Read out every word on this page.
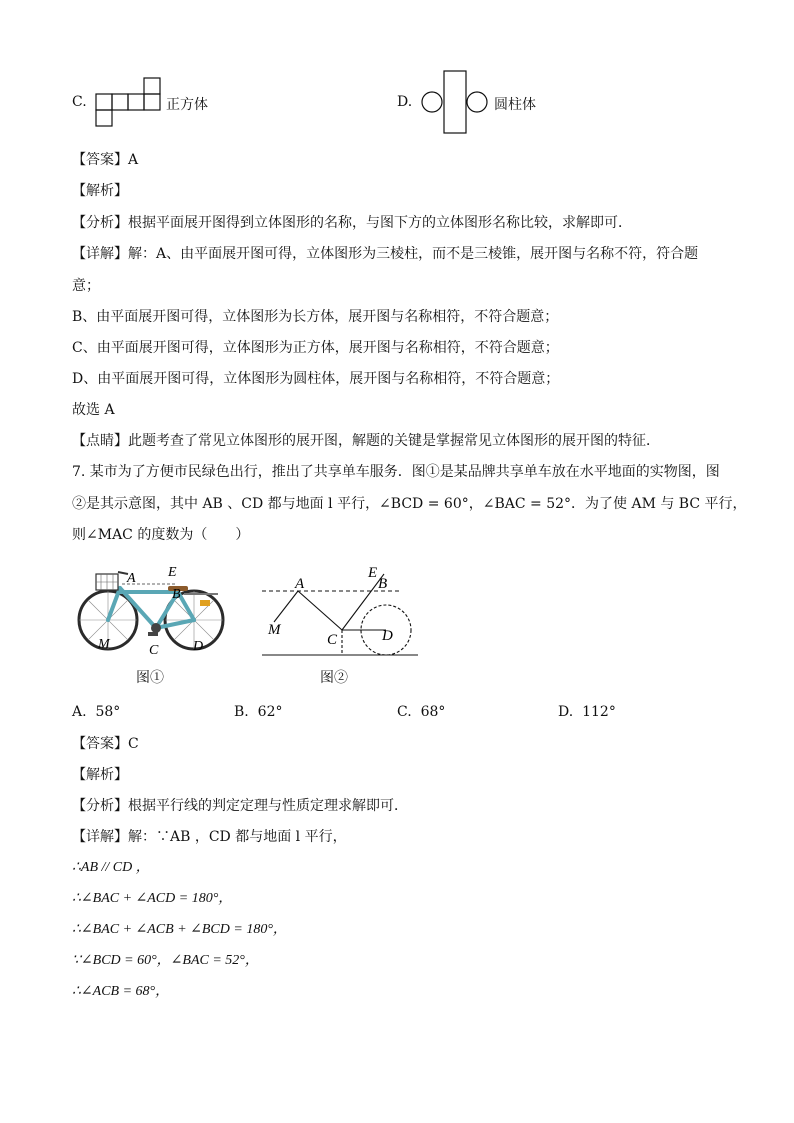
C.	正方体	D.	圆柱体
【答案】A
【解析】
【分析】根据平面展开图得到立体图形的名称，与图下方的立体图形名称比较，求解即可．
【详解】解：A、由平面展开图可得，立体图形为三棱柱，而不是三棱锥，展开图与名称不符，符合题
意；
B、由平面展开图可得，立体图形为长方体，展开图与名称相符，不符合题意；
C、由平面展开图可得，立体图形为正方体，展开图与名称相符，不符合题意；
D、由平面展开图可得，立体图形为圆柱体，展开图与名称相符，不符合题意；
故选 A
【点睛】此题考查了常见立体图形的展开图，解题的关键是掌握常见立体图形的展开图的特征．
7. 某市为了方便市民绿色出行，推出了共享单车服务．图①是某品牌共享单车放在水平地面的实物图，图
②是其示意图，其中 AB 、CD 都与地面 l 平行，∠BCD = 60°，∠BAC = 52°．为了使 AM 与 BC 平行，
则∠MAC 的度数为（　　）
A E
B
M	C D
图①
A
E
B
M
C	D
图②
A. 58°	B. 62°	C. 68°	D. 112°
【答案】C
【解析】
【分析】根据平行线的判定定理与性质定理求解即可．
【详解】解：∵AB ，CD 都与地面 l 平行，
∴AB // CD ，
∴∠BAC + ∠ACD = 180°，
∴∠BAC + ∠ACB + ∠BCD = 180°，
∵∠BCD = 60°，∠BAC = 52°，
∴∠ACB = 68°，
